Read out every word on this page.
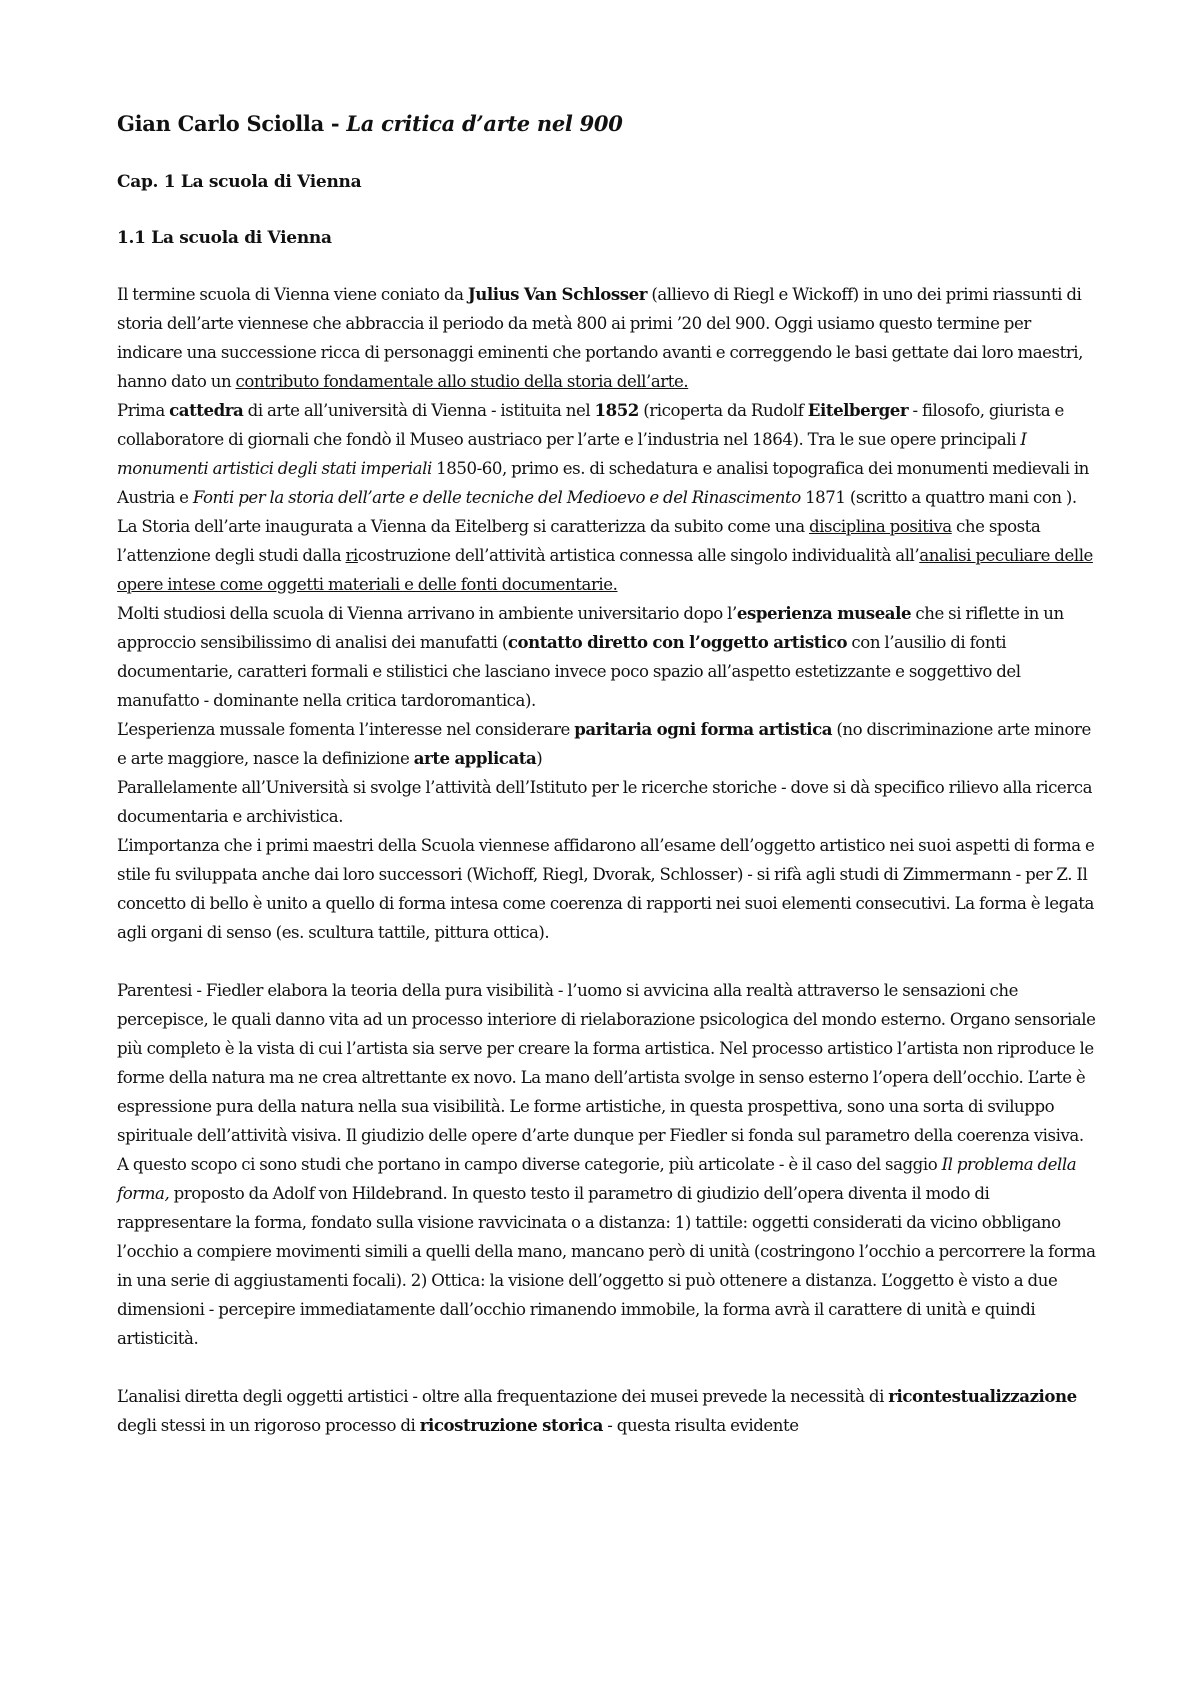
Gian Carlo Sciolla - La critica d’arte nel 900
Cap. 1 La scuola di Vienna
1.1 La scuola di Vienna

Il termine scuola di Vienna viene coniato da Julius Van Schlosser (allievo di Riegl e Wickoff) in uno dei primi riassunti di storia dell’arte viennese che abbraccia il periodo da metà 800 ai primi ’20 del 900. Oggi usiamo questo termine per indicare una successione ricca di personaggi eminenti che portando avanti e correggendo le basi gettate dai loro maestri, hanno dato un contributo fondamentale allo studio della storia dell’arte.

Prima cattedra di arte all’università di Vienna - istituita nel 1852 (ricoperta da Rudolf Eitelberger - filosofo, giurista e collaboratore di giornali che fondò il Museo austriaco per l’arte e l’industria nel 1864). Tra le sue opere principali I monumenti artistici degli stati imperiali 1850-60, primo es. di schedatura e analisi topografica dei monumenti medievali in Austria e Fonti per la storia dell’arte e delle tecniche del Medioevo e del Rinascimento 1871 (scritto a quattro mani con ).

La Storia dell’arte inaugurata a Vienna da Eitelberg si caratterizza da subito come una disciplina positiva che sposta l’attenzione degli studi dalla ricostruzione dell’attività artistica connessa alle singolo individualità all’analisi peculiare delle opere intese come oggetti materiali e delle fonti documentarie.

Molti studiosi della scuola di Vienna arrivano in ambiente universitario dopo l’esperienza museale che si riflette in un approccio sensibilissimo di analisi dei manufatti (contatto diretto con l’oggetto artistico con l’ausilio di fonti documentarie, caratteri formali e stilistici che lasciano invece poco spazio all’aspetto estetizzante e soggettivo del manufatto - dominante nella critica tardoromantica).

L’esperienza mussale fomenta l’interesse nel considerare paritaria ogni forma artistica (no discriminazione arte minore e arte maggiore, nasce la definizione arte applicata)

Parallelamente all’Università si svolge l’attività dell’Istituto per le ricerche storiche - dove si dà specifico rilievo alla ricerca documentaria e archivistica.

L’importanza che i primi maestri della Scuola viennese affidarono all’esame dell’oggetto artistico nei suoi aspetti di forma e stile fu sviluppata anche dai loro successori (Wichoff, Riegl, Dvorak, Schlosser) - si rifà agli studi di Zimmermann - per Z. Il concetto di bello è unito a quello di forma intesa come coerenza di rapporti nei suoi elementi consecutivi. La forma è legata agli organi di senso (es. scultura tattile, pittura ottica).

Parentesi - Fiedler elabora la teoria della pura visibilità - l’uomo si avvicina alla realtà attraverso le sensazioni che percepisce, le quali danno vita ad un processo interiore di rielaborazione psicologica del mondo esterno. Organo sensoriale più completo è la vista di cui l’artista sia serve per creare la forma artistica. Nel processo artistico l’artista non riproduce le forme della natura ma ne crea altrettante ex novo. La mano dell’artista svolge in senso esterno l’opera dell’occhio. L’arte è espressione pura della natura nella sua visibilità. Le forme artistiche, in questa prospettiva, sono una sorta di sviluppo spirituale dell’attività visiva. Il giudizio delle opere d’arte dunque per Fiedler si fonda sul parametro della coerenza visiva. A questo scopo ci sono studi che portano in campo diverse categorie, più articolate - è il caso del saggio Il problema della forma, proposto da Adolf von Hildebrand. In questo testo il parametro di giudizio dell’opera diventa il modo di rappresentare la forma, fondato sulla visione ravvicinata o a distanza: 1) tattile: oggetti considerati da vicino obbligano l’occhio a compiere movimenti simili a quelli della mano, mancano però di unità (costringono l’occhio a percorrere la forma in una serie di aggiustamenti focali). 2) Ottica: la visione dell’oggetto si può ottenere a distanza. L’oggetto è visto a due dimensioni - percepire immediatamente dall’occhio rimanendo immobile, la forma avrà il carattere di unità e quindi artisticità.

L’analisi diretta degli oggetti artistici - oltre alla frequentazione dei musei prevede la necessità di ricontestualizzazione degli stessi in un rigoroso processo di ricostruzione storica - questa risulta evidente
